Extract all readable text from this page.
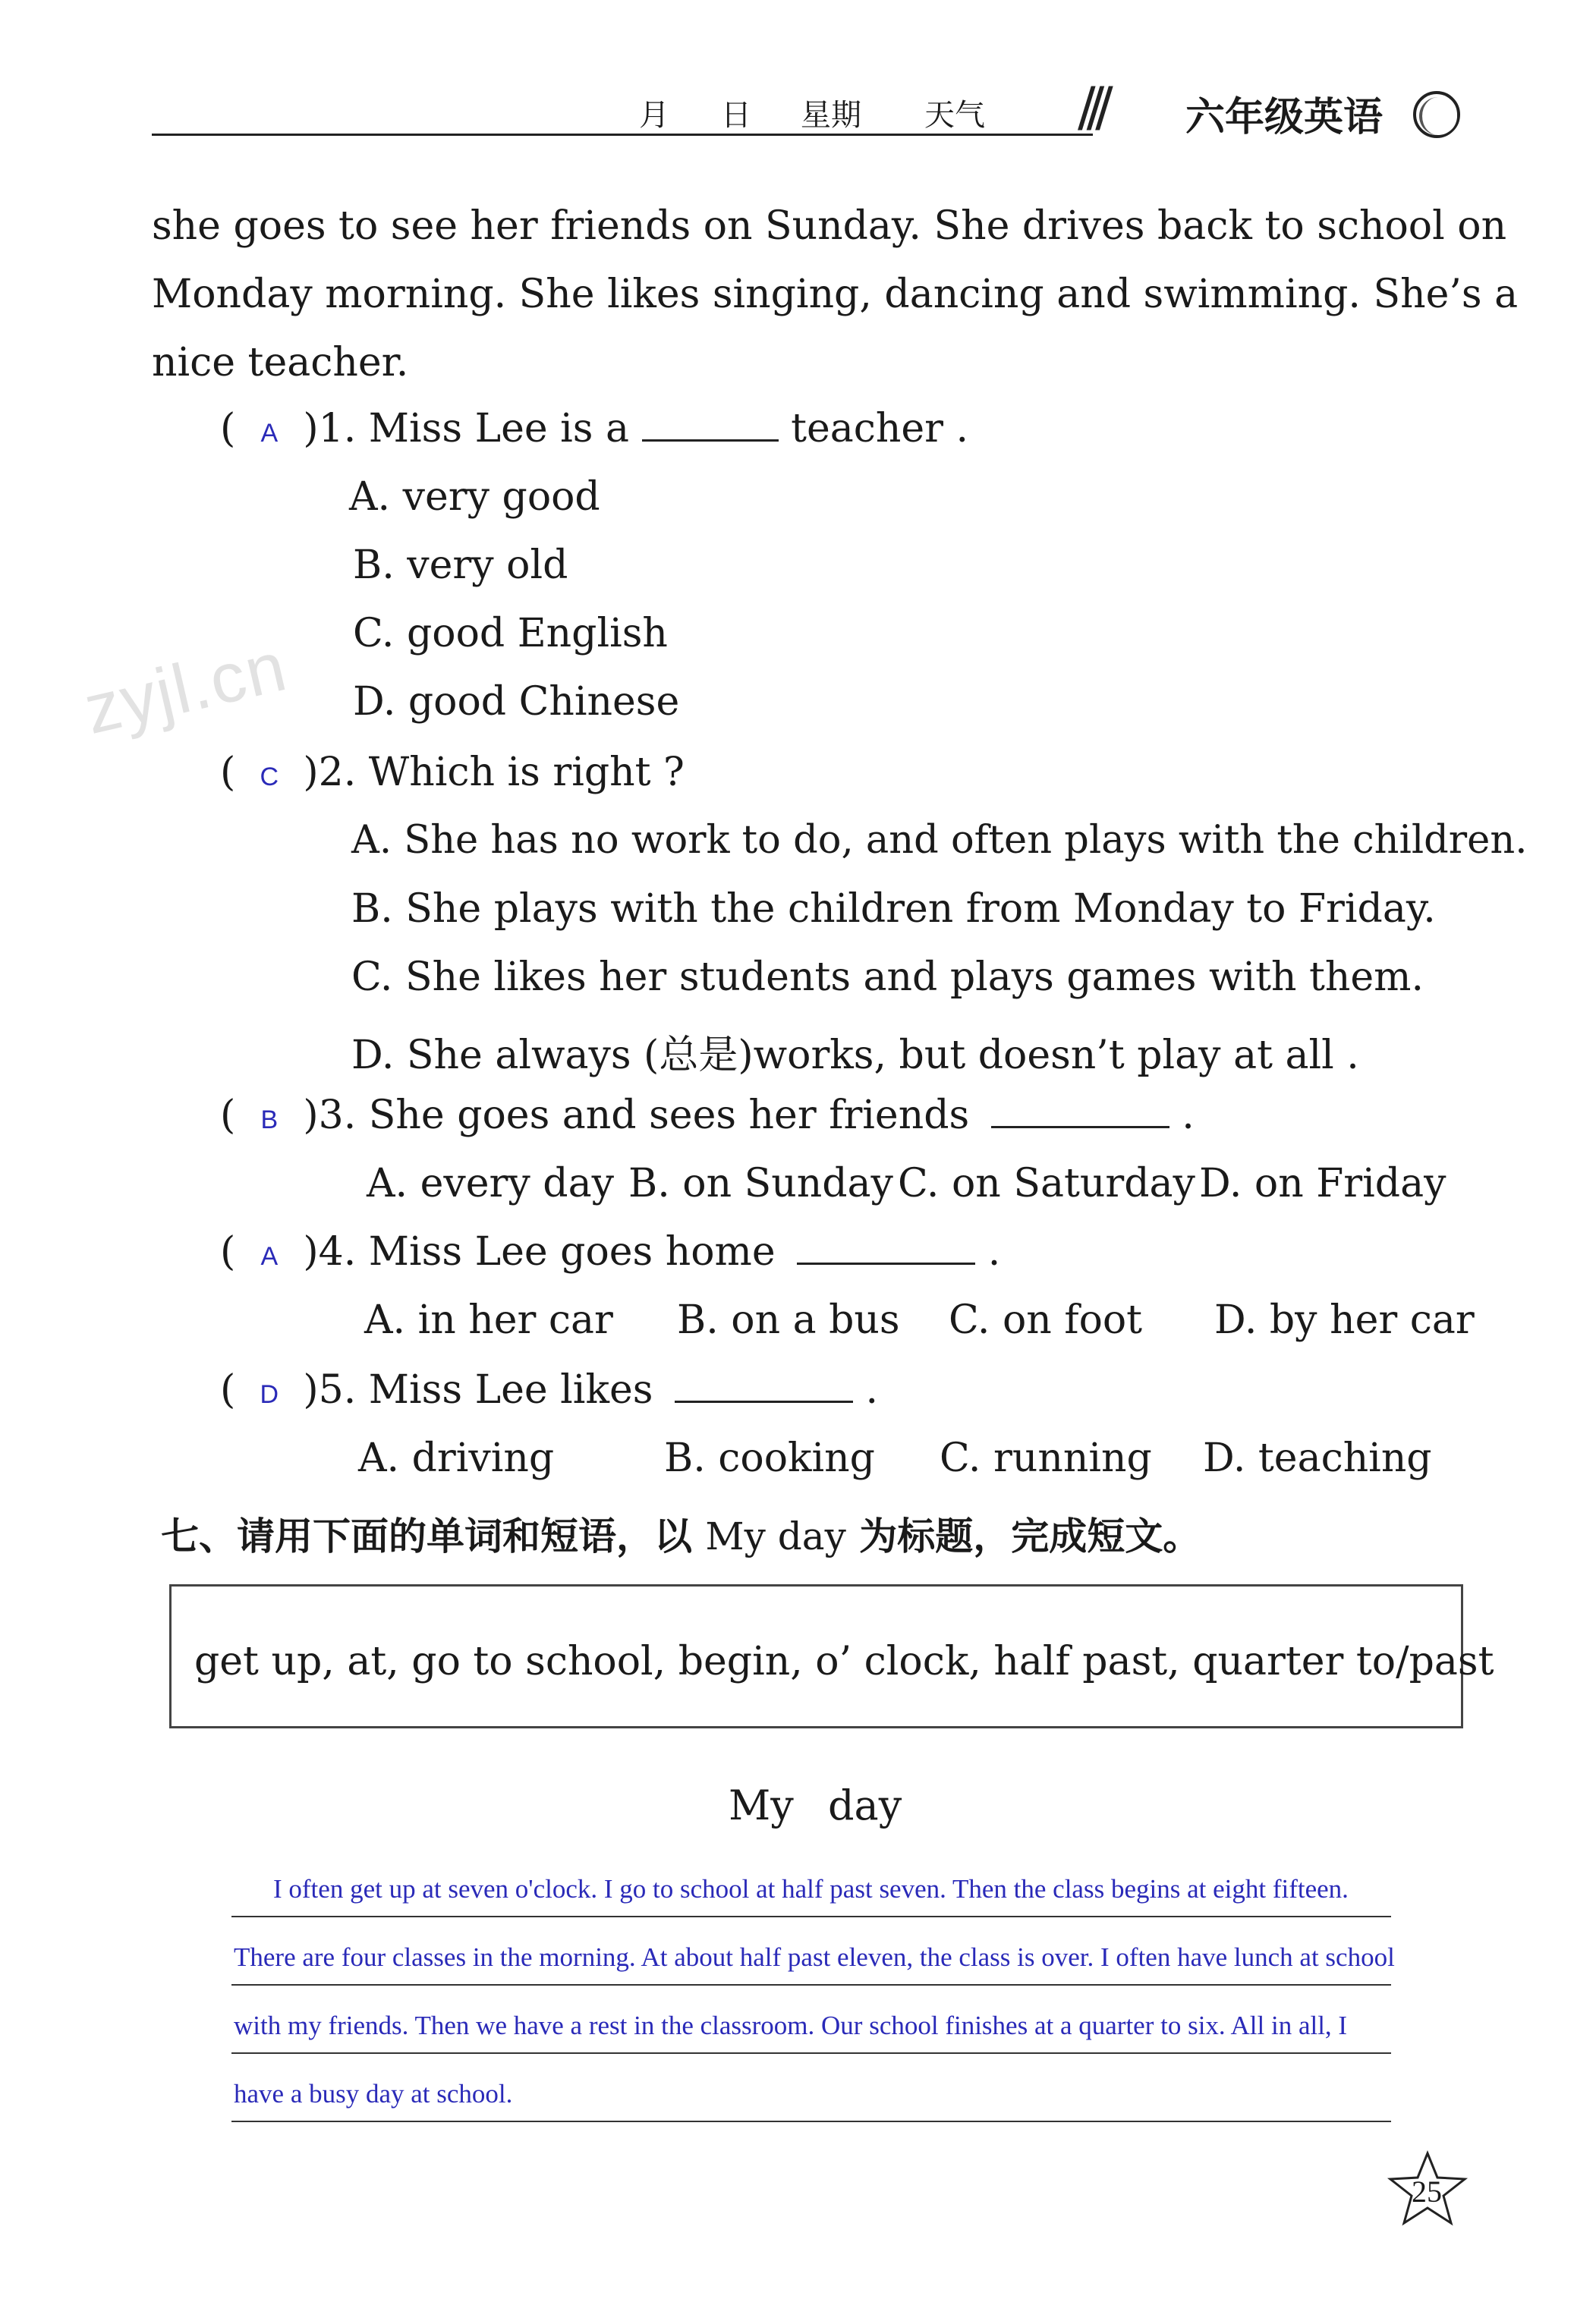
月 日 星期 天气 /// 六年级英语
zyjl.cn
she goes to see her friends on Sunday. She drives back to school on
Monday morning. She likes singing, dancing and swimming. She’s a
nice teacher.
( A )1. Miss Lee is a	teacher .
A. very good
B. very old
C. good English
D. good Chinese
( C )2. Which is right ?
A. She has no work to do, and often plays with the children.
B. She plays with the children from Monday to Friday.
C. She likes her students and plays games with them.
D. She always (总是)works, but doesn’t play at all .
( B )3. She goes and sees her friends	.
A. every day B. on Sunday C. on Saturday D. on Friday
( A )4. Miss Lee goes home	.
A. in her car B. on a bus C. on foot D. by her car
( D )5. Miss Lee likes	.
A. driving	B. cooking C. running D. teaching
七、请用下面的单词和短语，以 My day 为标题，完成短文。
get up, at, go to school, begin, o’ clock, half past, quarter to/past
My day
I often get up at seven o'clock. I go to school at half past seven. Then the class begins at eight fifteen.
There are four classes in the morning. At about half past eleven, the class is over. I often have lunch at school
with my friends. Then we have a rest in the classroom. Our school finishes at a quarter to six. All in all, I
have a busy day at school.
25
